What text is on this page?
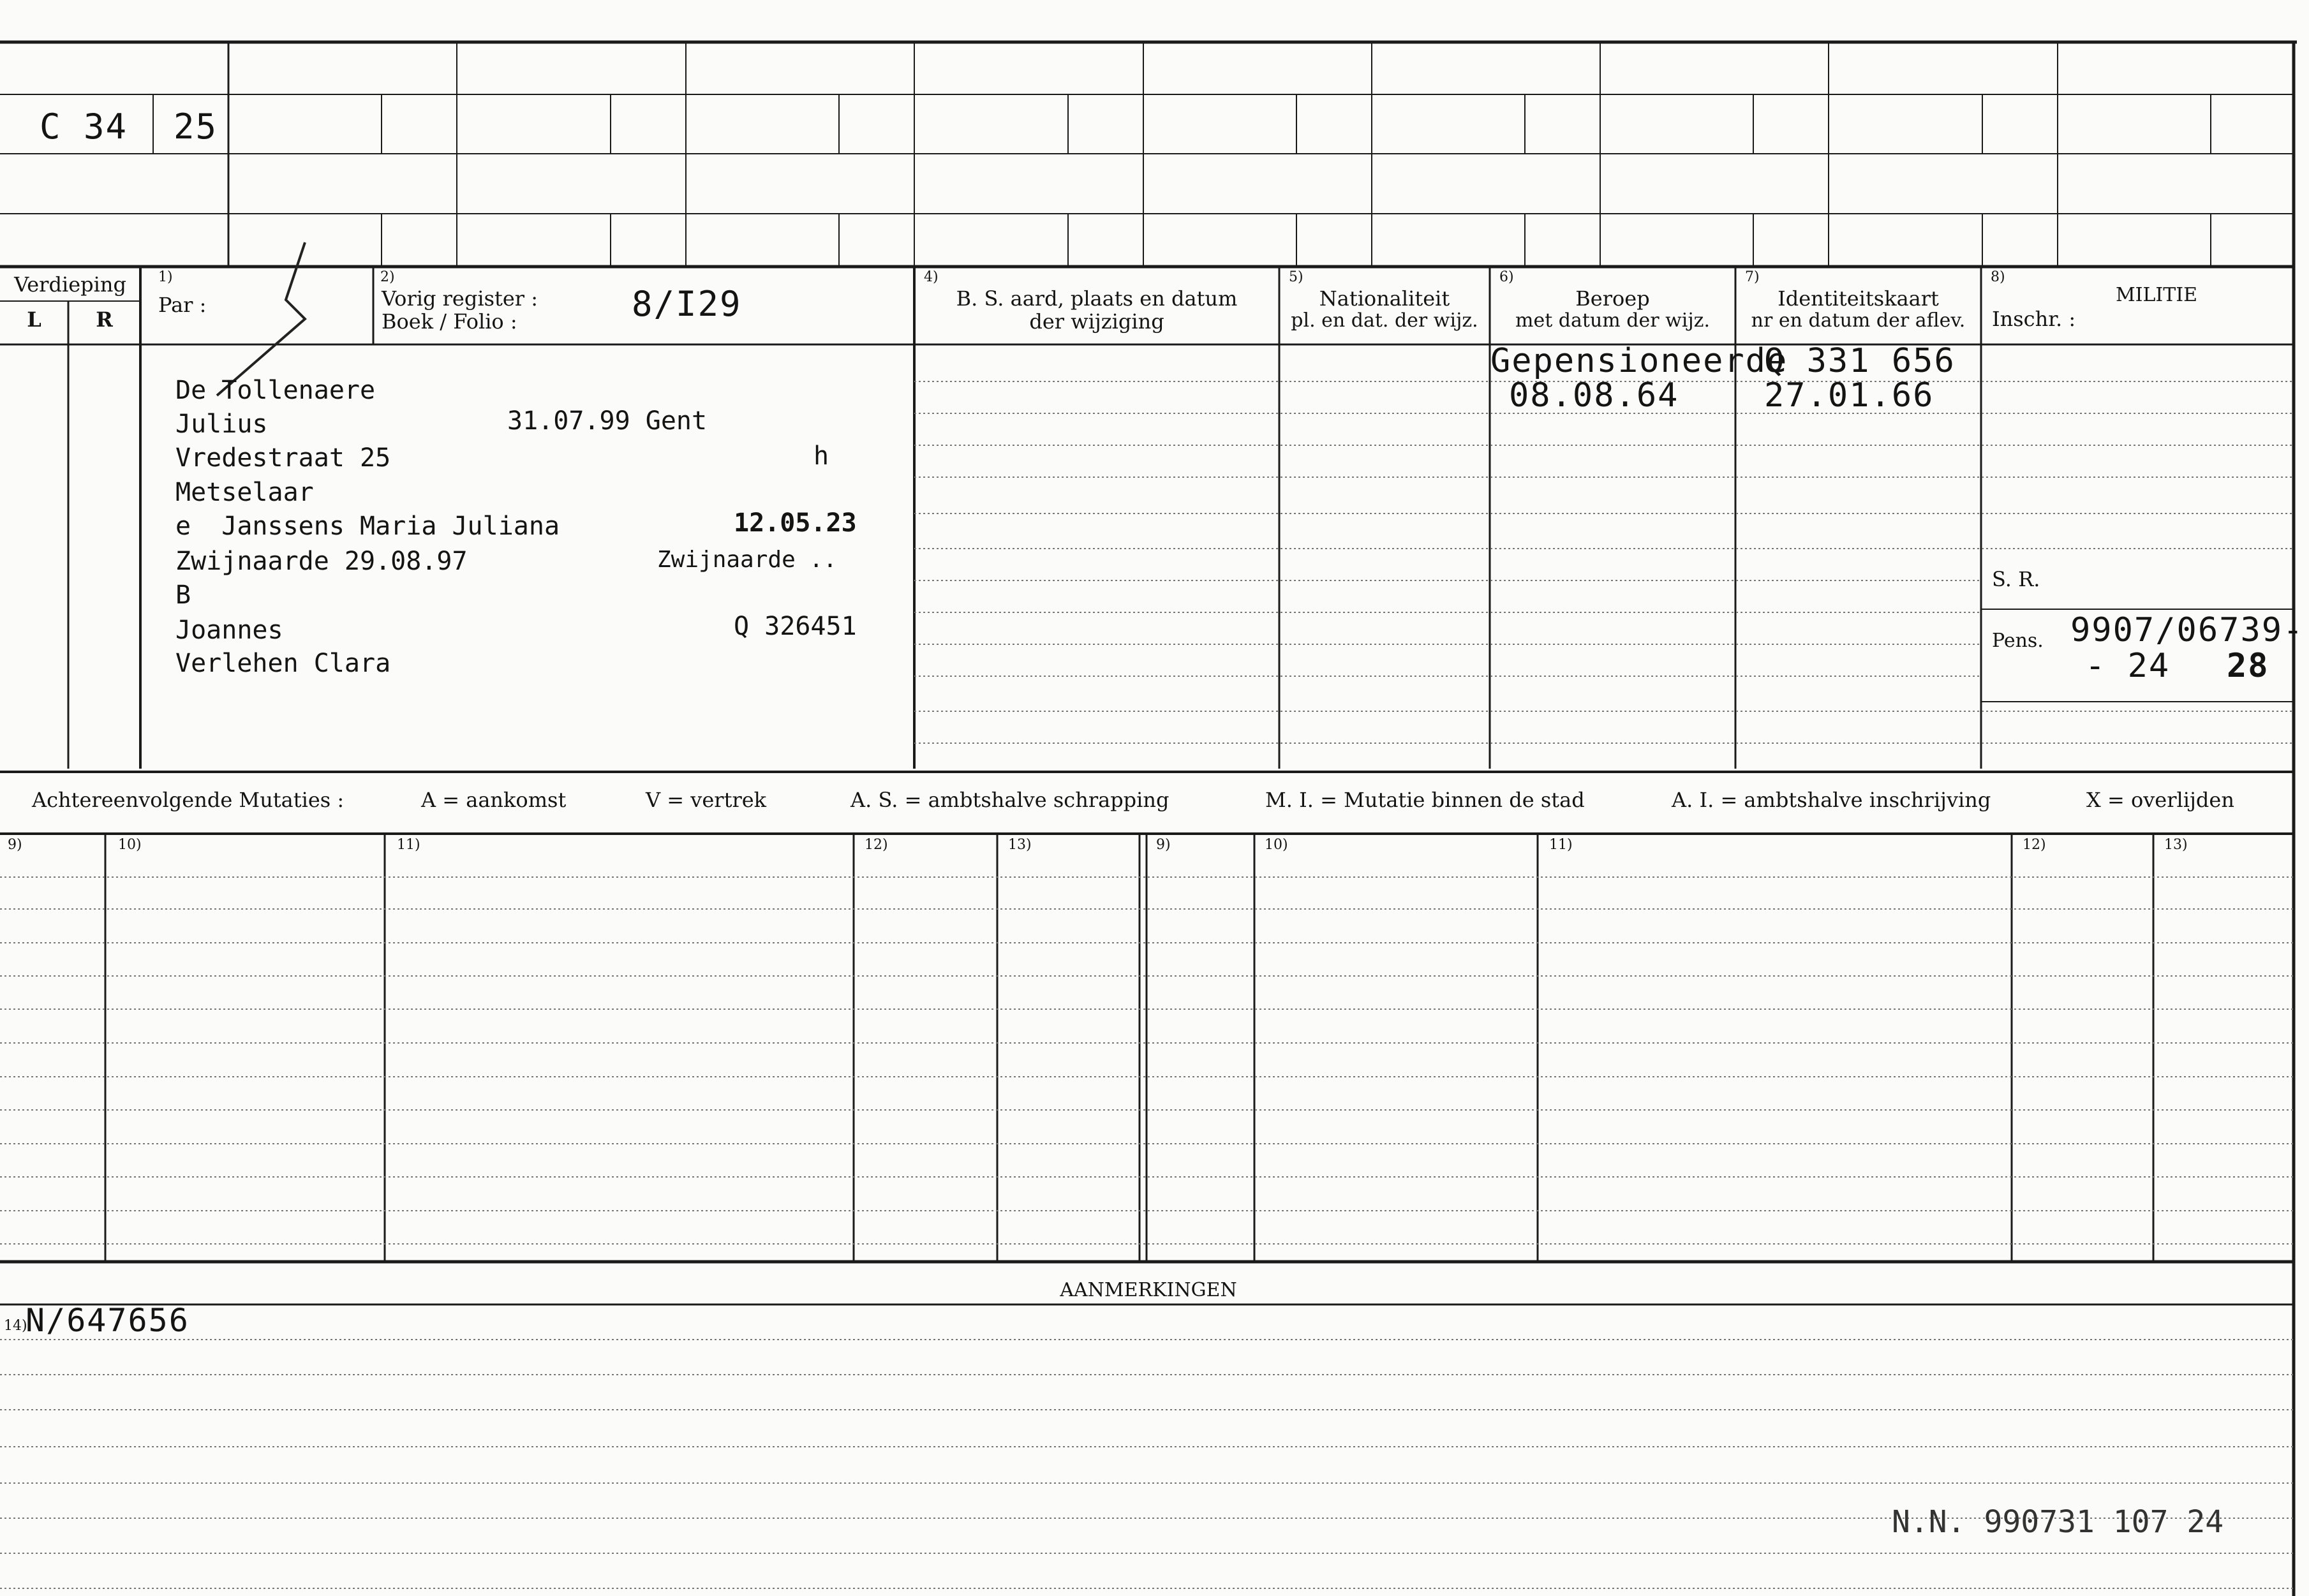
C 34 25
Verdieping
L	R
1)
Par :
2)
Vorig register :
Boek / Folio :	8/I29
4)
B. S. aard, plaats en datum
der wijziging
5)
Nationaliteit
pl. en dat. der wijz.
6)
Beroep
met datum der wijz.
7)
Identiteitskaart
nr en datum der aflev.
8)
MILITIE
Inschr. :
S. R.
Pens. 9907/06739-
- 24 28
Gepensioneerde
08.08.64
Q 331 656
27.01.66
De Tollenaere
Julius	31.07.99 Gent
Vredestraat 25	h
Metselaar
e  Janssens Maria Juliana	12.05.23
Zwijnaarde 29.08.97	Zwijnaarde ..
B
Joannes	Q 326451
Verlehen Clara
Achtereenvolgende Mutaties :	A = aankomst	V = vertrek	A. S. = ambtshalve schrapping	M. I. = Mutatie binnen de stad	A. I. = ambtshalve inschrijving	X = overlijden
9)	10)	11)	12)	13)	9)	10)	11)	12)	13)
AANMERKINGEN
14)
N/647656
N.N. 990731 107 24
